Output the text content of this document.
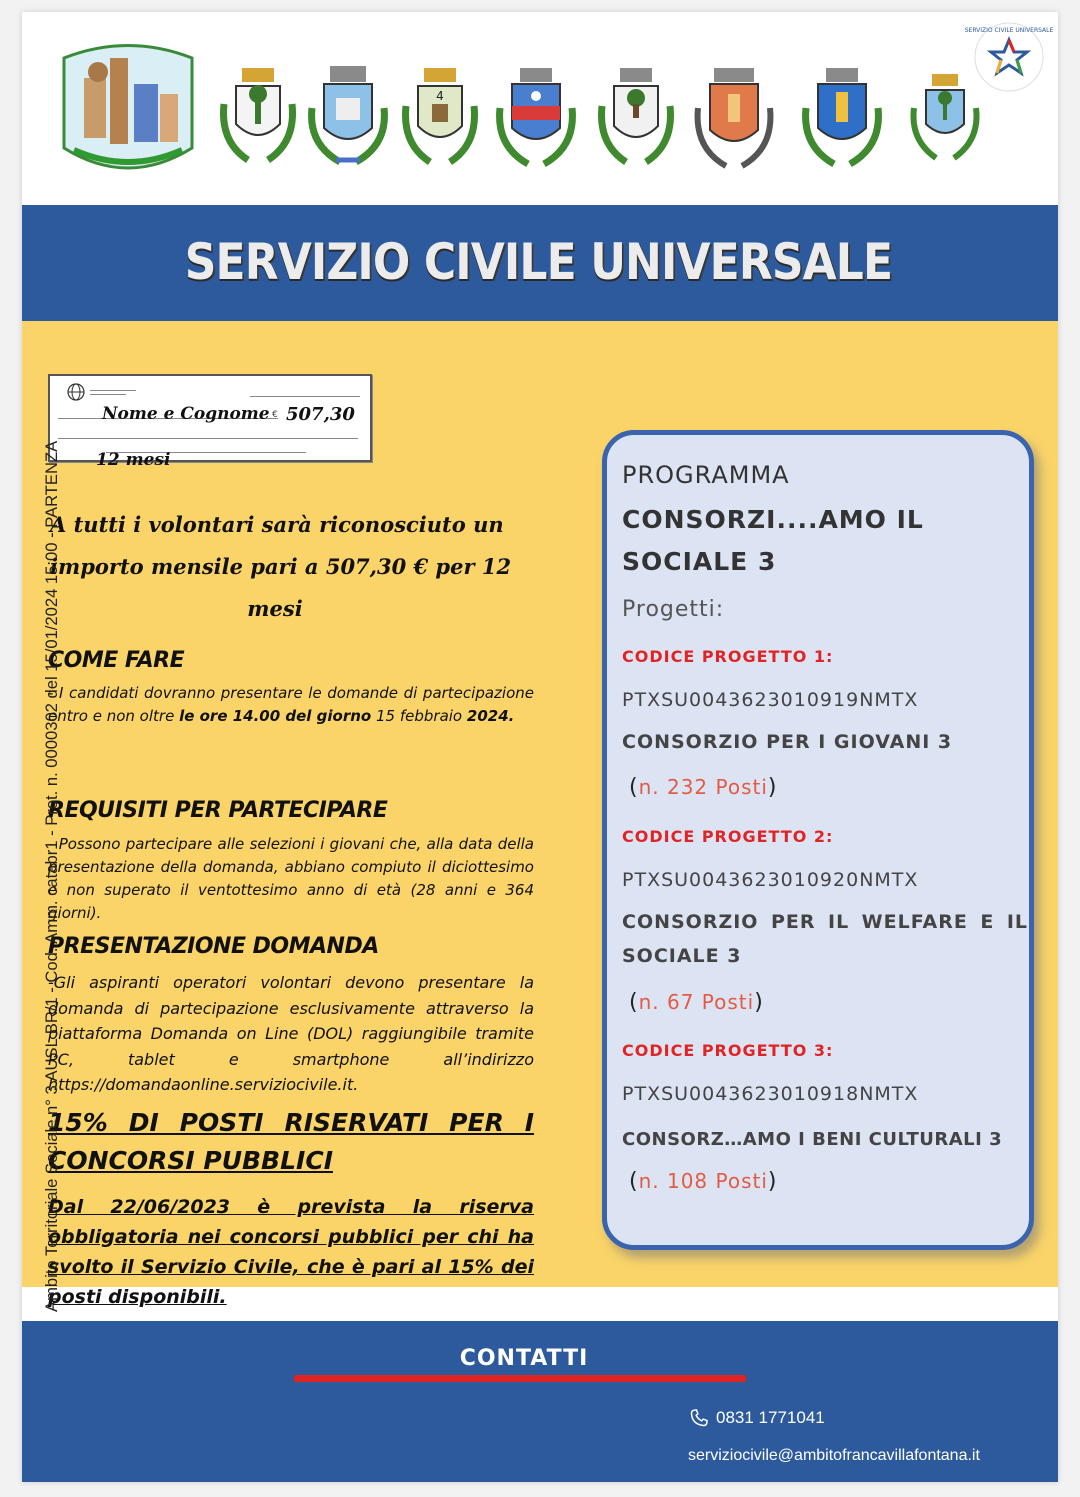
4
SERVIZIO CIVILE UNIVERSALE
SERVIZIO CIVILE UNIVERSALE
Nome e Cognome € 507,30
12 mesi
A tutti i volontari sarà riconosciuto un importo mensile pari a 507,30 € per 12
mesi
COME FARE
- I candidati dovranno presentare le domande di partecipazione entro e non oltre le ore 14.00 del giorno 15 febbraio 2024.
REQUISITI PER PARTECIPARE
- Possono partecipare alle selezioni i giovani che, alla data della presentazione della domanda, abbiano compiuto il diciottesimo e non superato il ventottesimo anno di età (28 anni e 364 giorni).
PRESENTAZIONE DOMANDA
-Gli aspiranti operatori volontari devono presentare la domanda di partecipazione esclusivamente attraverso la piattaforma Domanda on Line (DOL) raggiungibile tramite PC, tablet e smartphone all’indirizzo https://domandaonline.serviziocivile.it.
15% DI POSTI RISERVATI PER I CONCORSI PUBBLICI
Dal 22/06/2023 è prevista la riserva obbligatoria nei concorsi pubblici per chi ha svolto il Servizio Civile, che è pari al 15% dei posti disponibili.
Ambito Territoriale Sociale n° 3 AUSL BR/1 - Cod. Amm. catabr1 - Prot. n. 0000302 del 15/01/2024 15:00 - PARTENZA	PROGRAMMA
CONSORZI....AMO IL SOCIALE 3
Progetti:
CODICE PROGETTO 1:
PTXSU0043623010919NMTX
CONSORZIO PER I GIOVANI 3
(n. 232 Posti)
CODICE PROGETTO 2:
PTXSU0043623010920NMTX
CONSORZIO PER IL WELFARE E IL SOCIALE 3
(n. 67 Posti)
CODICE PROGETTO 3:
PTXSU0043623010918NMTX
CONSORZ…AMO I BENI CULTURALI 3
(n. 108 Posti)
CONTATTI
0831 1771041
serviziocivile@ambitofrancavillafontana.it
